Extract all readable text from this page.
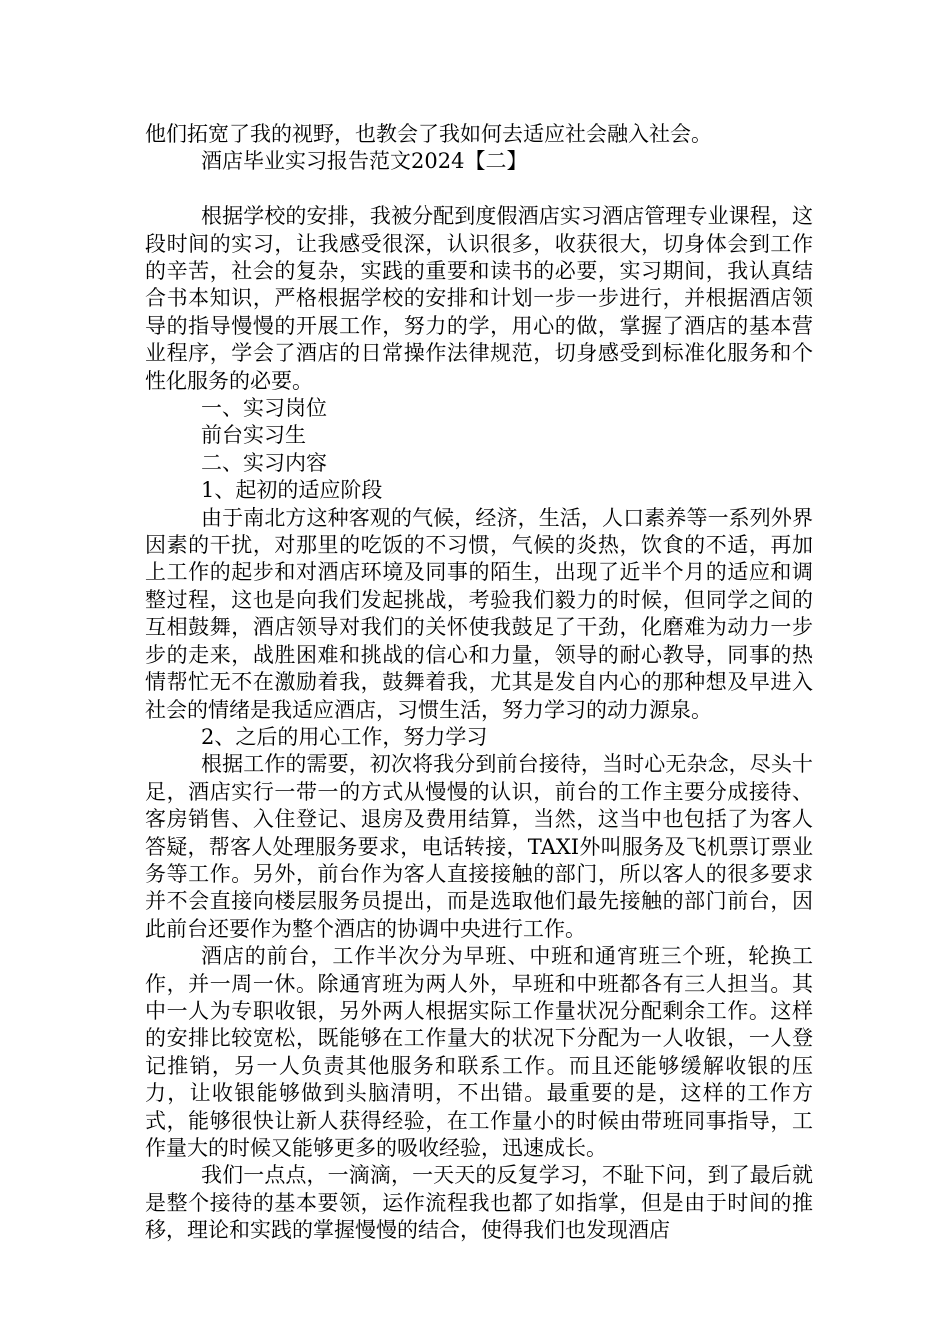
他们拓宽了我的视野，也教会了我如何去适应社会融入社会。

酒店毕业实习报告范文2024【二】

根据学校的安排，我被分配到度假酒店实习酒店管理专业课程，这段时间的实习，让我感受很深，认识很多，收获很大，切身体会到工作的辛苦，社会的复杂，实践的重要和读书的必要，实习期间，我认真结合书本知识，严格根据学校的安排和计划一步一步进行，并根据酒店领导的指导慢慢的开展工作，努力的学，用心的做，掌握了酒店的基本营业程序，学会了酒店的日常操作法律规范，切身感受到标准化服务和个性化服务的必要。

一、实习岗位

前台实习生

二、实习内容

1、起初的适应阶段

由于南北方这种客观的气候，经济，生活，人口素养等一系列外界因素的干扰，对那里的吃饭的不习惯，气候的炎热，饮食的不适，再加上工作的起步和对酒店环境及同事的陌生，出现了近半个月的适应和调整过程，这也是向我们发起挑战，考验我们毅力的时候，但同学之间的互相鼓舞，酒店领导对我们的关怀使我鼓足了干劲，化磨难为动力一步步的走来，战胜困难和挑战的信心和力量，领导的耐心教导，同事的热情帮忙无不在激励着我，鼓舞着我，尤其是发自内心的那种想及早进入社会的情绪是我适应酒店，习惯生活，努力学习的动力源泉。

2、之后的用心工作，努力学习

根据工作的需要，初次将我分到前台接待，当时心无杂念，尽头十足，酒店实行一带一的方式从慢慢的认识，前台的工作主要分成接待、客房销售、入住登记、退房及费用结算，当然，这当中也包括了为客人答疑，帮客人处理服务要求，电话转接，TAXI外叫服务及飞机票订票业务等工作。另外，前台作为客人直接接触的部门，所以客人的很多要求并不会直接向楼层服务员提出，而是选取他们最先接触的部门前台，因此前台还要作为整个酒店的协调中央进行工作。

酒店的前台，工作半次分为早班、中班和通宵班三个班，轮换工作，并一周一休。除通宵班为两人外，早班和中班都各有三人担当。其中一人为专职收银，另外两人根据实际工作量状况分配剩余工作。这样的安排比较宽松，既能够在工作量大的状况下分配为一人收银，一人登记推销，另一人负责其他服务和联系工作。而且还能够缓解收银的压力，让收银能够做到头脑清明，不出错。最重要的是，这样的工作方式，能够很快让新人获得经验，在工作量小的时候由带班同事指导，工作量大的时候又能够更多的吸收经验，迅速成长。

我们一点点，一滴滴，一天天的反复学习，不耻下问，到了最后就是整个接待的基本要领，运作流程我也都了如指掌，但是由于时间的推移，理论和实践的掌握慢慢的结合，使得我们也发现酒店
